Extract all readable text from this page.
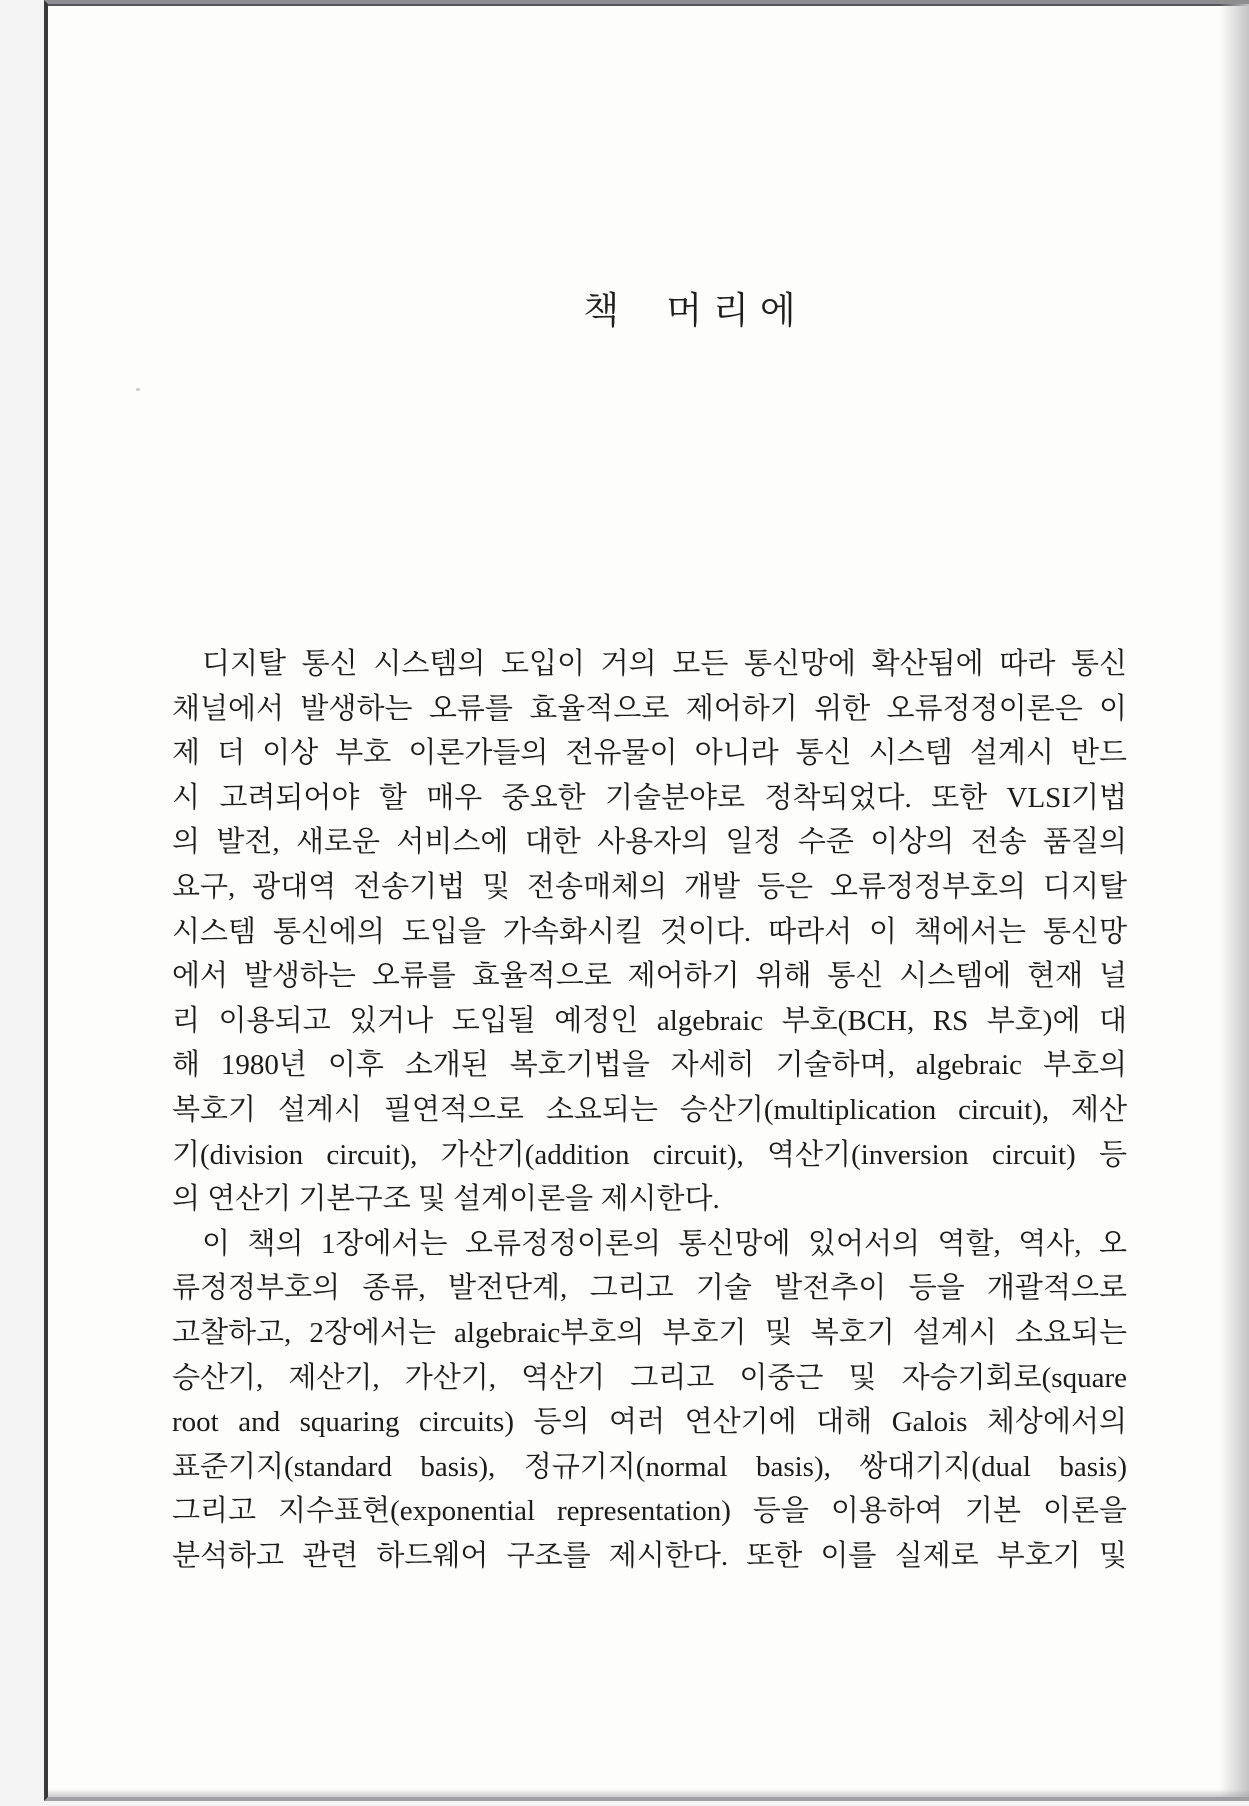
책 머리에
디지탈 통신 시스템의 도입이 거의 모든 통신망에 확산됨에 따라 통신
채널에서 발생하는 오류를 효율적으로 제어하기 위한 오류정정이론은 이
제 더 이상 부호 이론가들의 전유물이 아니라 통신 시스템 설계시 반드
시 고려되어야 할 매우 중요한 기술분야로 정착되었다. 또한 VLSI기법
의 발전, 새로운 서비스에 대한 사용자의 일정 수준 이상의 전송 품질의
요구, 광대역 전송기법 및 전송매체의 개발 등은 오류정정부호의 디지탈
시스템 통신에의 도입을 가속화시킬 것이다. 따라서 이 책에서는 통신망
에서 발생하는 오류를 효율적으로 제어하기 위해 통신 시스템에 현재 널
리 이용되고 있거나 도입될 예정인 algebraic 부호(BCH, RS 부호)에 대
해 1980년 이후 소개된 복호기법을 자세히 기술하며, algebraic 부호의
복호기 설계시 필연적으로 소요되는 승산기(multiplication circuit), 제산
기(division circuit), 가산기(addition circuit), 역산기(inversion circuit) 등
의 연산기 기본구조 및 설계이론을 제시한다.
이 책의 1장에서는 오류정정이론의 통신망에 있어서의 역할, 역사, 오
류정정부호의 종류, 발전단계, 그리고 기술 발전추이 등을 개괄적으로
고찰하고, 2장에서는 algebraic부호의 부호기 및 복호기 설계시 소요되는
승산기, 제산기, 가산기, 역산기 그리고 이중근 및 자승기회로(square
root and squaring circuits) 등의 여러 연산기에 대해 Galois 체상에서의
표준기지(standard basis), 정규기지(normal basis), 쌍대기지(dual basis)
그리고 지수표현(exponential representation) 등을 이용하여 기본 이론을
분석하고 관련 하드웨어 구조를 제시한다. 또한 이를 실제로 부호기 및
